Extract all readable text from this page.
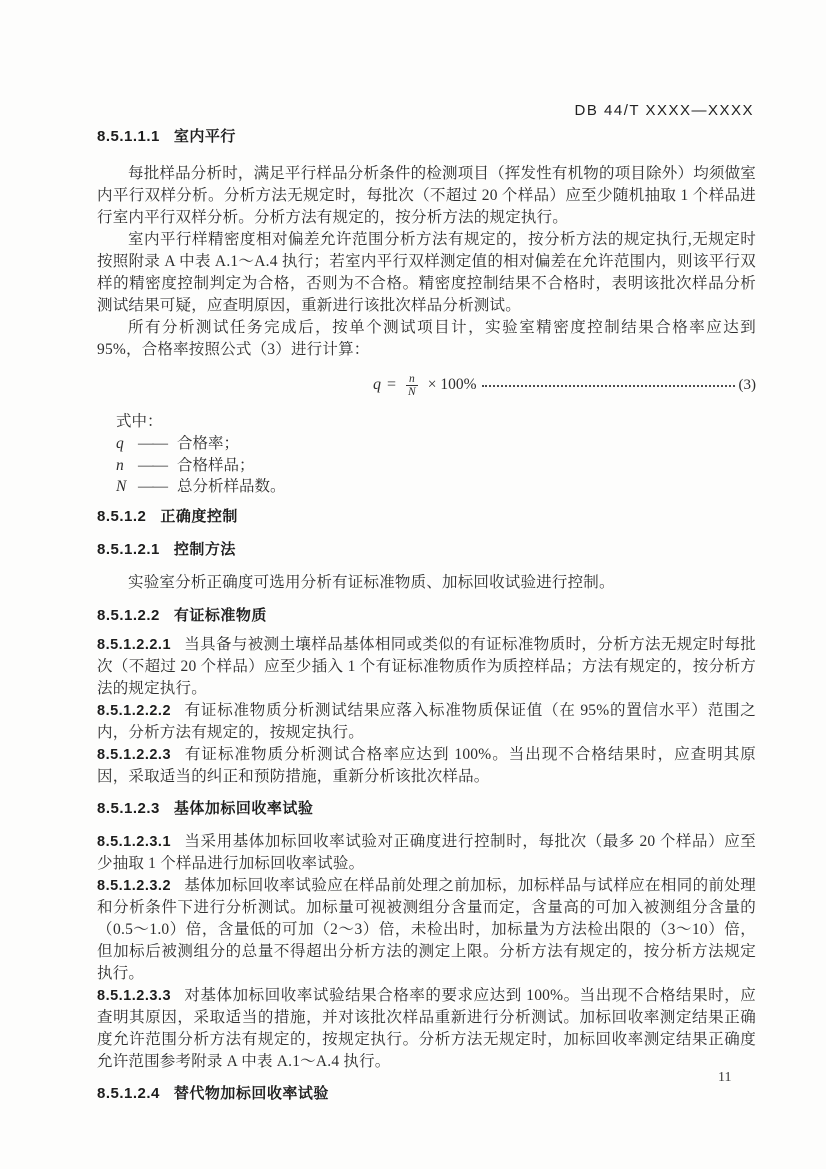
DB 44/T XXXX—XXXX
8.5.1.1.1 室内平行

每批样品分析时，满足平行样品分析条件的检测项目（挥发性有机物的项目除外）均须做室内平行双样分析。分析方法无规定时，每批次（不超过 20 个样品）应至少随机抽取 1 个样品进行室内平行双样分析。分析方法有规定的，按分析方法的规定执行。

室内平行样精密度相对偏差允许范围分析方法有规定的，按分析方法的规定执行,无规定时按照附录 A 中表 A.1～A.4 执行；若室内平行双样测定值的相对偏差在允许范围内，则该平行双样的精密度控制判定为合格，否则为不合格。精密度控制结果不合格时，表明该批次样品分析测试结果可疑，应查明原因，重新进行该批次样品分析测试。

所有分析测试任务完成后，按单个测试项目计，实验室精密度控制结果合格率应达到 95%，合格率按照公式（3）进行计算：

$q = \frac{n}{N} \times 100\%$	(3)

式中：

q —— 合格率；
n —— 合格样品；
N —— 总分析样品数。
8.5.1.2 正确度控制
8.5.1.2.1 控制方法

实验室分析正确度可选用分析有证标准物质、加标回收试验进行控制。

8.5.1.2.2 有证标准物质

8.5.1.2.2.1 当具备与被测土壤样品基体相同或类似的有证标准物质时，分析方法无规定时每批次（不超过 20 个样品）应至少插入 1 个有证标准物质作为质控样品；方法有规定的，按分析方法的规定执行。

8.5.1.2.2.2 有证标准物质分析测试结果应落入标准物质保证值（在 95%的置信水平）范围之内，分析方法有规定的，按规定执行。

8.5.1.2.2.3 有证标准物质分析测试合格率应达到 100%。当出现不合格结果时，应查明其原因，采取适当的纠正和预防措施，重新分析该批次样品。

8.5.1.2.3 基体加标回收率试验

8.5.1.2.3.1 当采用基体加标回收率试验对正确度进行控制时，每批次（最多 20 个样品）应至少抽取 1 个样品进行加标回收率试验。

8.5.1.2.3.2 基体加标回收率试验应在样品前处理之前加标，加标样品与试样应在相同的前处理和分析条件下进行分析测试。加标量可视被测组分含量而定，含量高的可加入被测组分含量的（0.5～1.0）倍，含量低的可加（2～3）倍，未检出时，加标量为方法检出限的（3～10）倍，但加标后被测组分的总量不得超出分析方法的测定上限。分析方法有规定的，按分析方法规定执行。

8.5.1.2.3.3 对基体加标回收率试验结果合格率的要求应达到 100%。当出现不合格结果时，应查明其原因，采取适当的措施，并对该批次样品重新进行分析测试。加标回收率测定结果正确度允许范围分析方法有规定的，按规定执行。分析方法无规定时，加标回收率测定结果正确度允许范围参考附录 A 中表 A.1～A.4 执行。

8.5.1.2.4 替代物加标回收率试验
11
